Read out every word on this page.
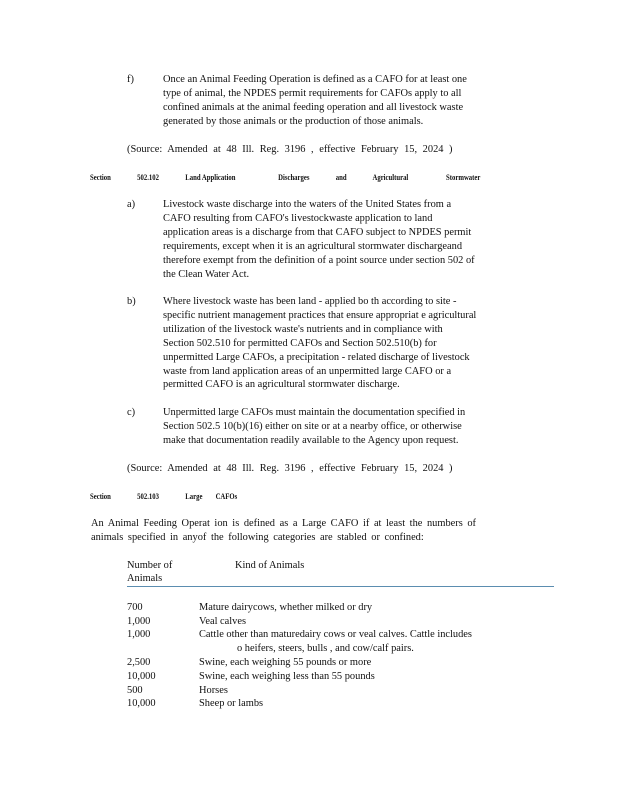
f)	Once an Animal Feeding Operation is defined as a CAFO for at least one
type of animal, the NPDES permit requirements for CAFOs apply to all
confined animals at the animal feeding operation and all livestock waste
generated by those animals or the production of those animals.
(Source: Amended at 48 Ill. Reg. 3196 , effective February 15, 2024 )
Section	502.102	Land Application	Discharges	and	Agricultural	Stormwater
a)	Livestock waste discharge into the waters of the United States from a
CAFO resulting from CAFO's livestockwaste application to land
application areas is a discharge from that CAFO subject to NPDES permit
requirements, except when it is an agricultural stormwater dischargeand
therefore exempt from the definition of a point source under section 502 of
the Clean Water Act.
b)	Where livestock waste has been land - applied bo th according to site -
specific nutrient management practices that ensure appropriat e agricultural
utilization of the livestock waste's nutrients and in compliance with
Section 502.510 for permitted CAFOs and Section 502.510(b) for
unpermitted Large CAFOs, a precipitation - related discharge of livestock
waste from land application areas of an unpermitted large CAFO or a
permitted CAFO is an agricultural stormwater discharge.
c)	Unpermitted large CAFOs must maintain the documentation specified in
Section 502.5 10(b)(16) either on site or at a nearby office, or otherwise
make that documentation readily available to the Agency upon request.
(Source: Amended at 48 Ill. Reg. 3196 , effective February 15, 2024 )
Section	502.103	Large CAFOs
An Animal Feeding Operat ion is defined as a Large CAFO if at least the numbers of
animals specified in anyof the following categories are stabled or confined:
Number of
Animals
Kind of Animals
700	Mature dairycows, whether milked or dry
1,000	Veal calves
1,000	Cattle other than maturedairy cows or veal calves. Cattle includes
o heifers, steers, bulls , and cow/calf pairs.
2,500	Swine, each weighing 55 pounds or more
10,000	Swine, each weighing less than 55 pounds
500	Horses
10,000	Sheep or lambs
